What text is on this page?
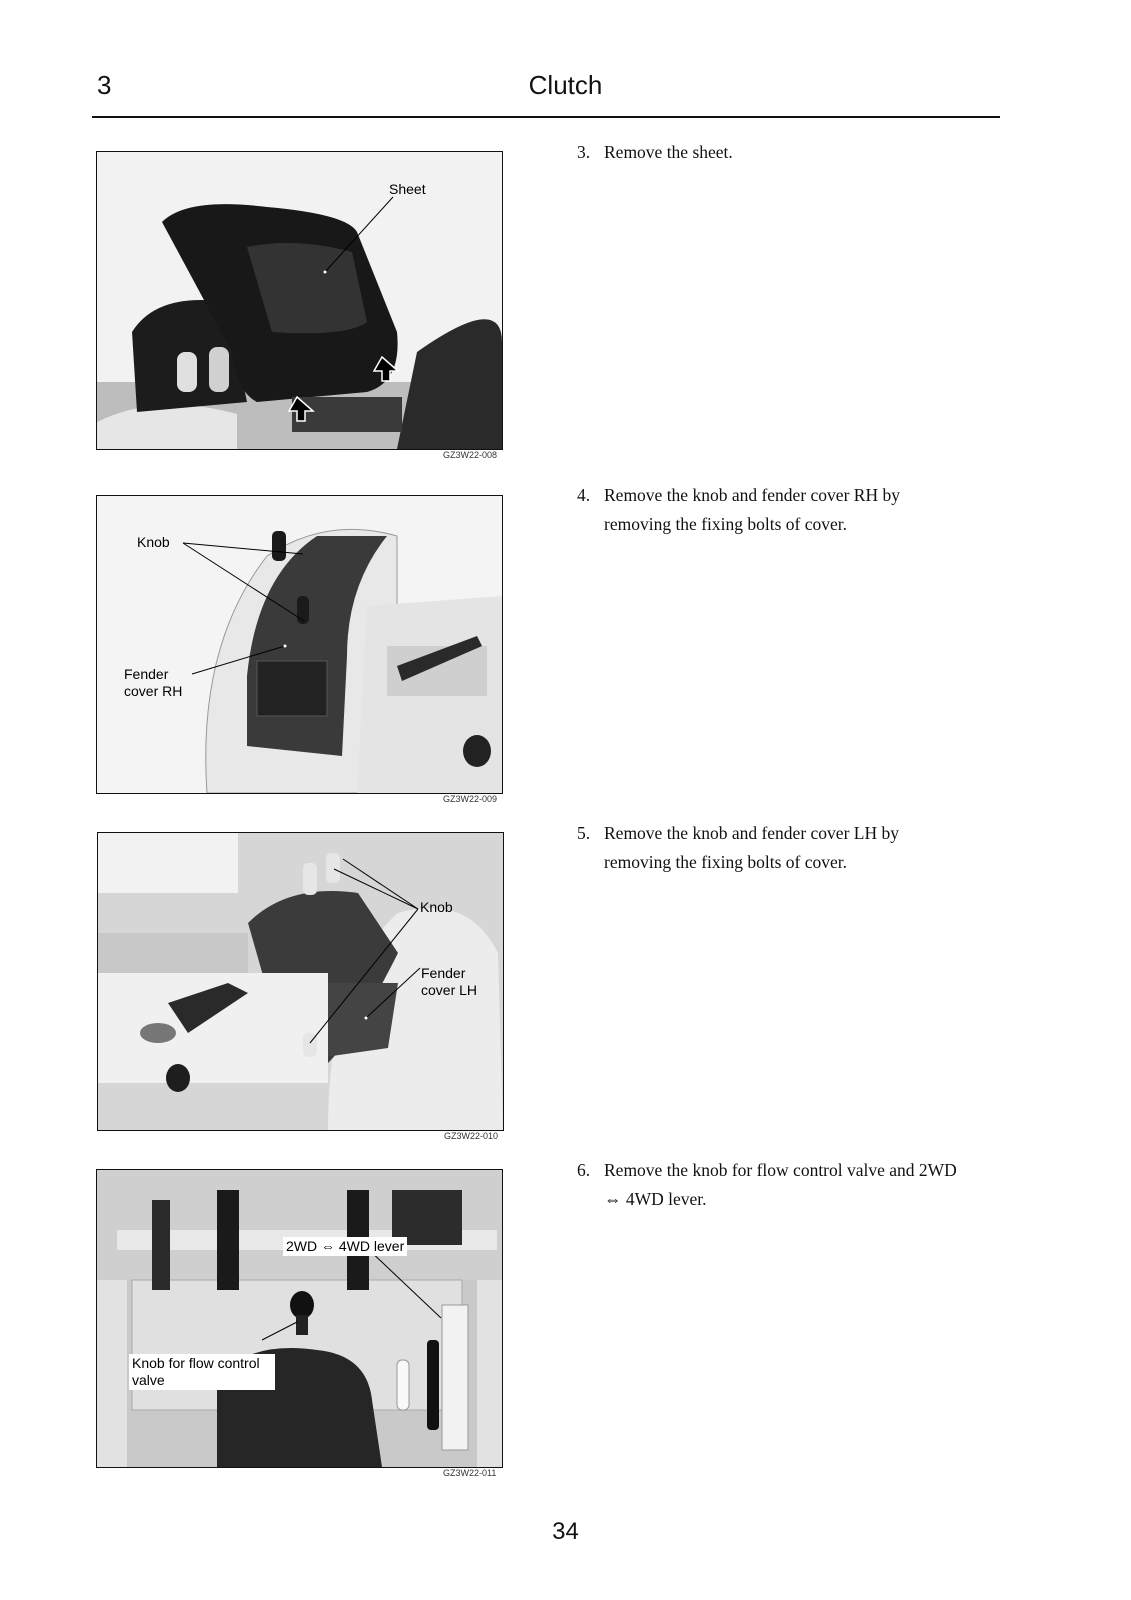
3	Clutch
Sheet
GZ3W22-008
Knob
Fender
cover RH
GZ3W22-009
Knob
Fender
cover LH
GZ3W22-010
2WD ⇔ 4WD lever
Knob for flow control
valve
GZ3W22-011
3. Remove the sheet.
4. Remove the knob and fender cover RH by removing the fixing bolts of cover.
5. Remove the knob and fender cover LH by removing the fixing bolts of cover.
6. Remove the knob for flow control valve and 2WD ⇔ 4WD lever.
34
